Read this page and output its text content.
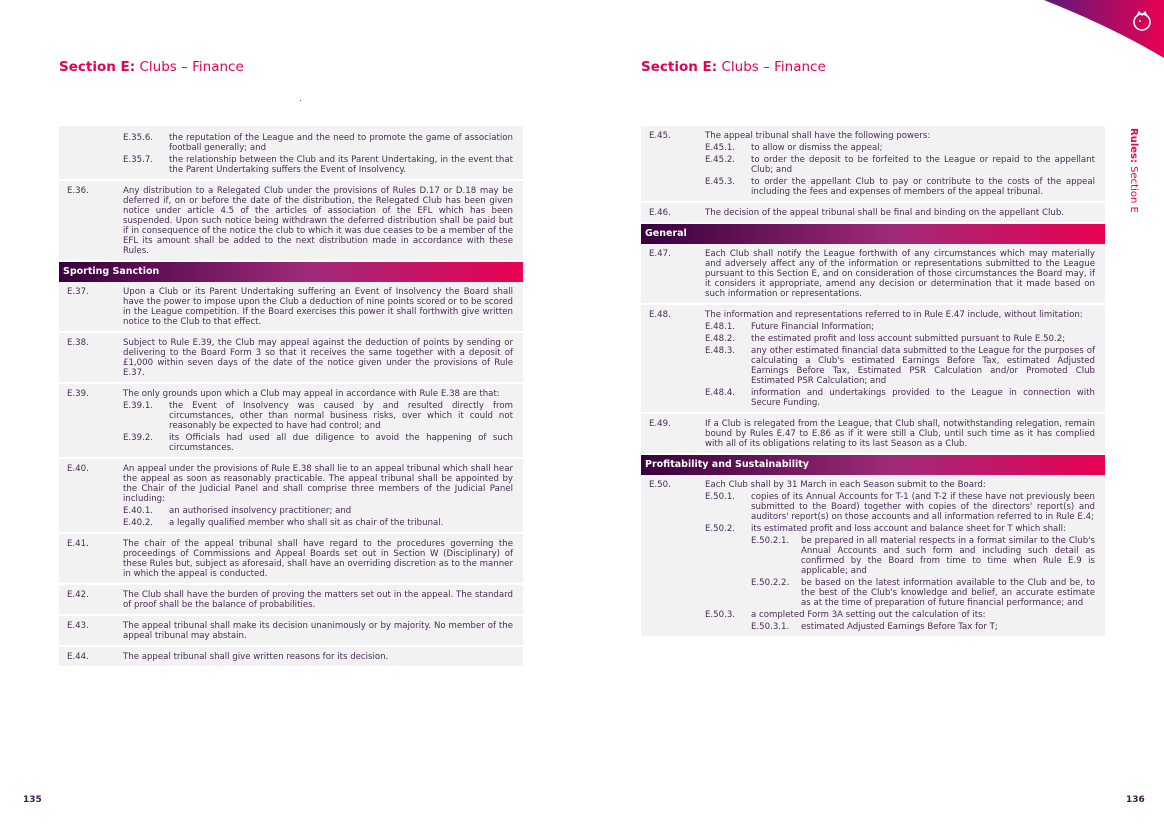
Section E: Clubs – Finance	Section E: Clubs – Finance
Rules: Section E
E.35.6.	the reputation of the League and the need to promote the game of association football generally; and
E.35.7.	the relationship between the Club and its Parent Undertaking, in the event that the Parent Undertaking suffers the Event of Insolvency.
E.36.	Any distribution to a Relegated Club under the provisions of Rules D.17 or D.18 may be deferred if, on or before the date of the distribution, the Relegated Club has been given notice under article 4.5 of the articles of association of the EFL which has been suspended. Upon such notice being withdrawn the deferred distribution shall be paid but if in consequence of the notice the club to which it was due ceases to be a member of the EFL its amount shall be added to the next distribution made in accordance with these Rules.
Sporting Sanction
E.37.	Upon a Club or its Parent Undertaking suffering an Event of Insolvency the Board shall have the power to impose upon the Club a deduction of nine points scored or to be scored in the League competition. If the Board exercises this power it shall forthwith give written notice to the Club to that effect.
E.38.	Subject to Rule E.39, the Club may appeal against the deduction of points by sending or delivering to the Board Form 3 so that it receives the same together with a deposit of £1,000 within seven days of the date of the notice given under the provisions of Rule E.37.
E.39.	The only grounds upon which a Club may appeal in accordance with Rule E.38 are that:
E.39.1.	the Event of Insolvency was caused by and resulted directly from circumstances, other than normal business risks, over which it could not reasonably be expected to have had control; and
E.39.2.	its Officials had used all due diligence to avoid the happening of such circumstances.
E.40.	An appeal under the provisions of Rule E.38 shall lie to an appeal tribunal which shall hear the appeal as soon as reasonably practicable. The appeal tribunal shall be appointed by the Chair of the Judicial Panel and shall comprise three members of the Judicial Panel including:
E.40.1.	an authorised insolvency practitioner; and
E.40.2.	a legally qualified member who shall sit as chair of the tribunal.
E.41.	The chair of the appeal tribunal shall have regard to the procedures governing the proceedings of Commissions and Appeal Boards set out in Section W (Disciplinary) of these Rules but, subject as aforesaid, shall have an overriding discretion as to the manner in which the appeal is conducted.
E.42.	The Club shall have the burden of proving the matters set out in the appeal. The standard of proof shall be the balance of probabilities.
E.43.	The appeal tribunal shall make its decision unanimously or by majority. No member of the appeal tribunal may abstain.
E.44.	The appeal tribunal shall give written reasons for its decision.
E.45.	The appeal tribunal shall have the following powers:
E.45.1.	to allow or dismiss the appeal;
E.45.2.	to order the deposit to be forfeited to the League or repaid to the appellant Club; and
E.45.3.	to order the appellant Club to pay or contribute to the costs of the appeal including the fees and expenses of members of the appeal tribunal.
E.46.	The decision of the appeal tribunal shall be final and binding on the appellant Club.
General
E.47.	Each Club shall notify the League forthwith of any circumstances which may materially and adversely affect any of the information or representations submitted to the League pursuant to this Section E, and on consideration of those circumstances the Board may, if it considers it appropriate, amend any decision or determination that it made based on such information or representations.
E.48.	The information and representations referred to in Rule E.47 include, without limitation:
E.48.1.	Future Financial Information;
E.48.2.	the estimated profit and loss account submitted pursuant to Rule E.50.2;
E.48.3.	any other estimated financial data submitted to the League for the purposes of calculating a Club's estimated Earnings Before Tax, estimated Adjusted Earnings Before Tax, Estimated PSR Calculation and/or Promoted Club Estimated PSR Calculation; and
E.48.4.	information and undertakings provided to the League in connection with Secure Funding.
E.49.	If a Club is relegated from the League, that Club shall, notwithstanding relegation, remain bound by Rules E.47 to E.86 as if it were still a Club, until such time as it has complied with all of its obligations relating to its last Season as a Club.
Profitability and Sustainability
E.50.	Each Club shall by 31 March in each Season submit to the Board:
E.50.1.	copies of its Annual Accounts for T-1 (and T-2 if these have not previously been submitted to the Board) together with copies of the directors' report(s) and auditors' report(s) on those accounts and all information referred to in Rule E.4;
E.50.2.	its estimated profit and loss account and balance sheet for T which shall:
E.50.2.1.	be prepared in all material respects in a format similar to the Club's Annual Accounts and such form and including such detail as confirmed by the Board from time to time when Rule E.9 is applicable; and
E.50.2.2.	be based on the latest information available to the Club and be, to the best of the Club's knowledge and belief, an accurate estimate as at the time of preparation of future financial performance; and
E.50.3.	a completed Form 3A setting out the calculation of its:
E.50.3.1.	estimated Adjusted Earnings Before Tax for T;
135	136
